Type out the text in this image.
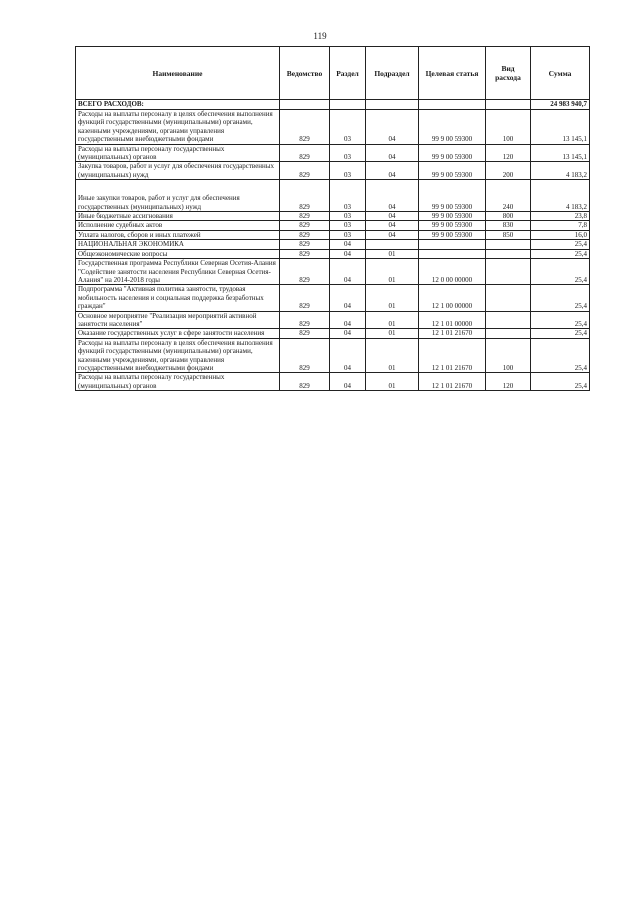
119
Наименование	Ведомство	Раздел	Подраздел	Целевая статья	Вид расхода	Сумма
ВСЕГО РАСХОДОВ:						24 983 940,7
Расходы на выплаты персоналу в целях обеспечения выполнения функций государственными (муниципальными) органами, казенными учреждениями, органами управления государственными внебюджетными фондами	829	03	04	99 9 00 59300	100	13 145,1
Расходы на выплаты персоналу государственных (муниципальных) органов	829	03	04	99 9 00 59300	120	13 145,1
Закупка товаров, работ и услуг для обеспечения государственных (муниципальных) нужд	829	03	04	99 9 00 59300	200	4 183,2
Иные закупки товаров, работ и услуг для обеспечения государственных (муниципальных) нужд	829	03	04	99 9 00 59300	240	4 183,2
Иные бюджетные ассигнования	829	03	04	99 9 00 59300	800	23,8
Исполнение судебных актов	829	03	04	99 9 00 59300	830	7,8
Уплата налогов, сборов и иных платежей	829	03	04	99 9 00 59300	850	16,0
НАЦИОНАЛЬНАЯ ЭКОНОМИКА	829	04				25,4
Общеэкономические вопросы	829	04	01			25,4
Государственная программа Республики Северная Осетия-Алания "Содействие занятости населения Республики Северная Осетия-Алания" на 2014-2018 годы	829	04	01	12 0 00 00000		25,4
Подпрограмма "Активная политика занятости, трудовая мобильность населения и социальная поддержка безработных граждан"	829	04	01	12 1 00 00000		25,4
Основное мероприятие "Реализация мероприятий активной занятости населения"	829	04	01	12 1 01 00000		25,4
Оказание государственных услуг в сфере занятости населения	829	04	01	12 1 01 21670		25,4
Расходы на выплаты персоналу в целях обеспечения выполнения функций государственными (муниципальными) органами, казенными учреждениями, органами управления государственными внебюджетными фондами	829	04	01	12 1 01 21670	100	25,4
Расходы на выплаты персоналу государственных (муниципальных) органов	829	04	01	12 1 01 21670	120	25,4
